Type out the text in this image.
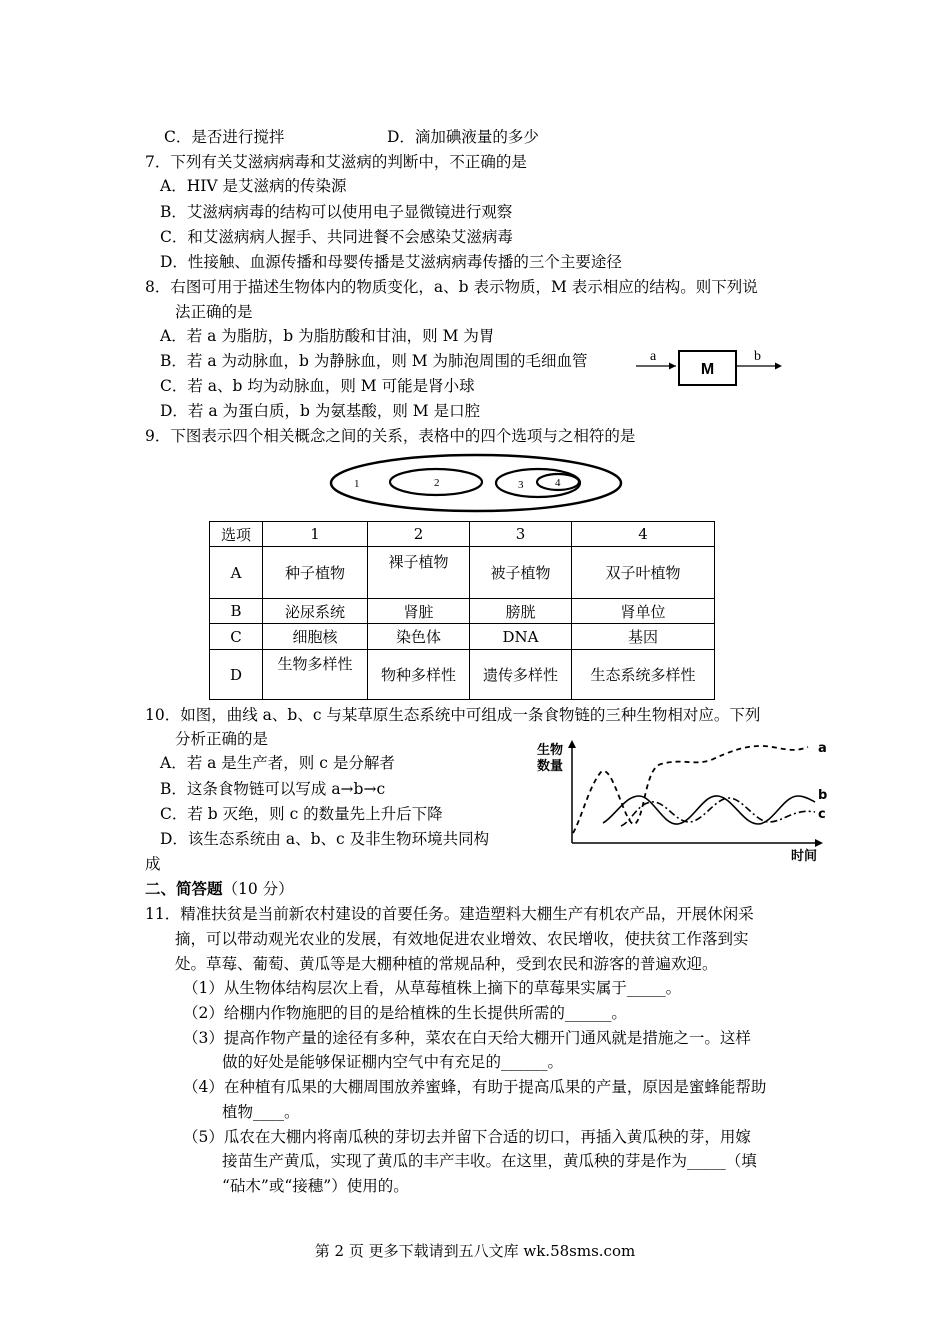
C．是否进行搅拌	D．滴加碘液量的多少
7．下列有关艾滋病病毒和艾滋病的判断中，不正确的是
A．HIV 是艾滋病的传染源
B．艾滋病病毒的结构可以使用电子显微镜进行观察
C．和艾滋病病人握手、共同进餐不会感染艾滋病毒
D．性接触、血源传播和母婴传播是艾滋病病毒传播的三个主要途径
8．右图可用于描述生物体内的物质变化，a、b 表示物质，M 表示相应的结构。则下列说
法正确的是
A．若 a 为脂肪，b 为脂肪酸和甘油，则 M 为胃
B．若 a 为动脉血，b 为静脉血，则 M 为肺泡周围的毛细血管
C．若 a、b 均为动脉血，则 M 可能是肾小球
D．若 a 为蛋白质，b 为氨基酸，则 M 是口腔
a
M
b
9．下图表示四个相关概念之间的关系，表格中的四个选项与之相符的是
1	2	3	4
选项	1	2	3	4
A	种子植物	裸子植物	被子植物	双子叶植物
B	泌尿系统	肾脏	膀胱	肾单位
C	细胞核	染色体	DNA	基因
D	生物多样性	物种多样性	遗传多样性	生态系统多样性
10．如图，曲线 a、b、c 与某草原生态系统中可组成一条食物链的三种生物相对应。下列
分析正确的是
A．若 a 是生产者，则 c 是分解者
B．这条食物链可以写成 a→b→c
C．若 b 灭绝，则 c 的数量先上升后下降
D．该生态系统由 a、b、c 及非生物环境共同构
成
生物
数量
a
b
c
时间
二、简答题（10 分）
11．精准扶贫是当前新农村建设的首要任务。建造塑料大棚生产有机农产品，开展休闲采
摘，可以带动观光农业的发展，有效地促进农业增效、农民增收，使扶贫工作落到实
处。草莓、葡萄、黄瓜等是大棚种植的常规品种，受到农民和游客的普遍欢迎。
（1）从生物体结构层次上看，从草莓植株上摘下的草莓果实属于_____。
（2）给棚内作物施肥的目的是给植株的生长提供所需的______。
（3）提高作物产量的途径有多种，菜农在白天给大棚开门通风就是措施之一。这样
做的好处是能够保证棚内空气中有充足的______。
（4）在种植有瓜果的大棚周围放养蜜蜂，有助于提高瓜果的产量，原因是蜜蜂能帮助
植物____。
（5）瓜农在大棚内将南瓜秧的芽切去并留下合适的切口，再插入黄瓜秧的芽，用嫁
接苗生产黄瓜，实现了黄瓜的丰产丰收。在这里，黄瓜秧的芽是作为_____（填
“砧木”或“接穗”）使用的。
第 2 页 更多下载请到五八文库 wk.58sms.com
